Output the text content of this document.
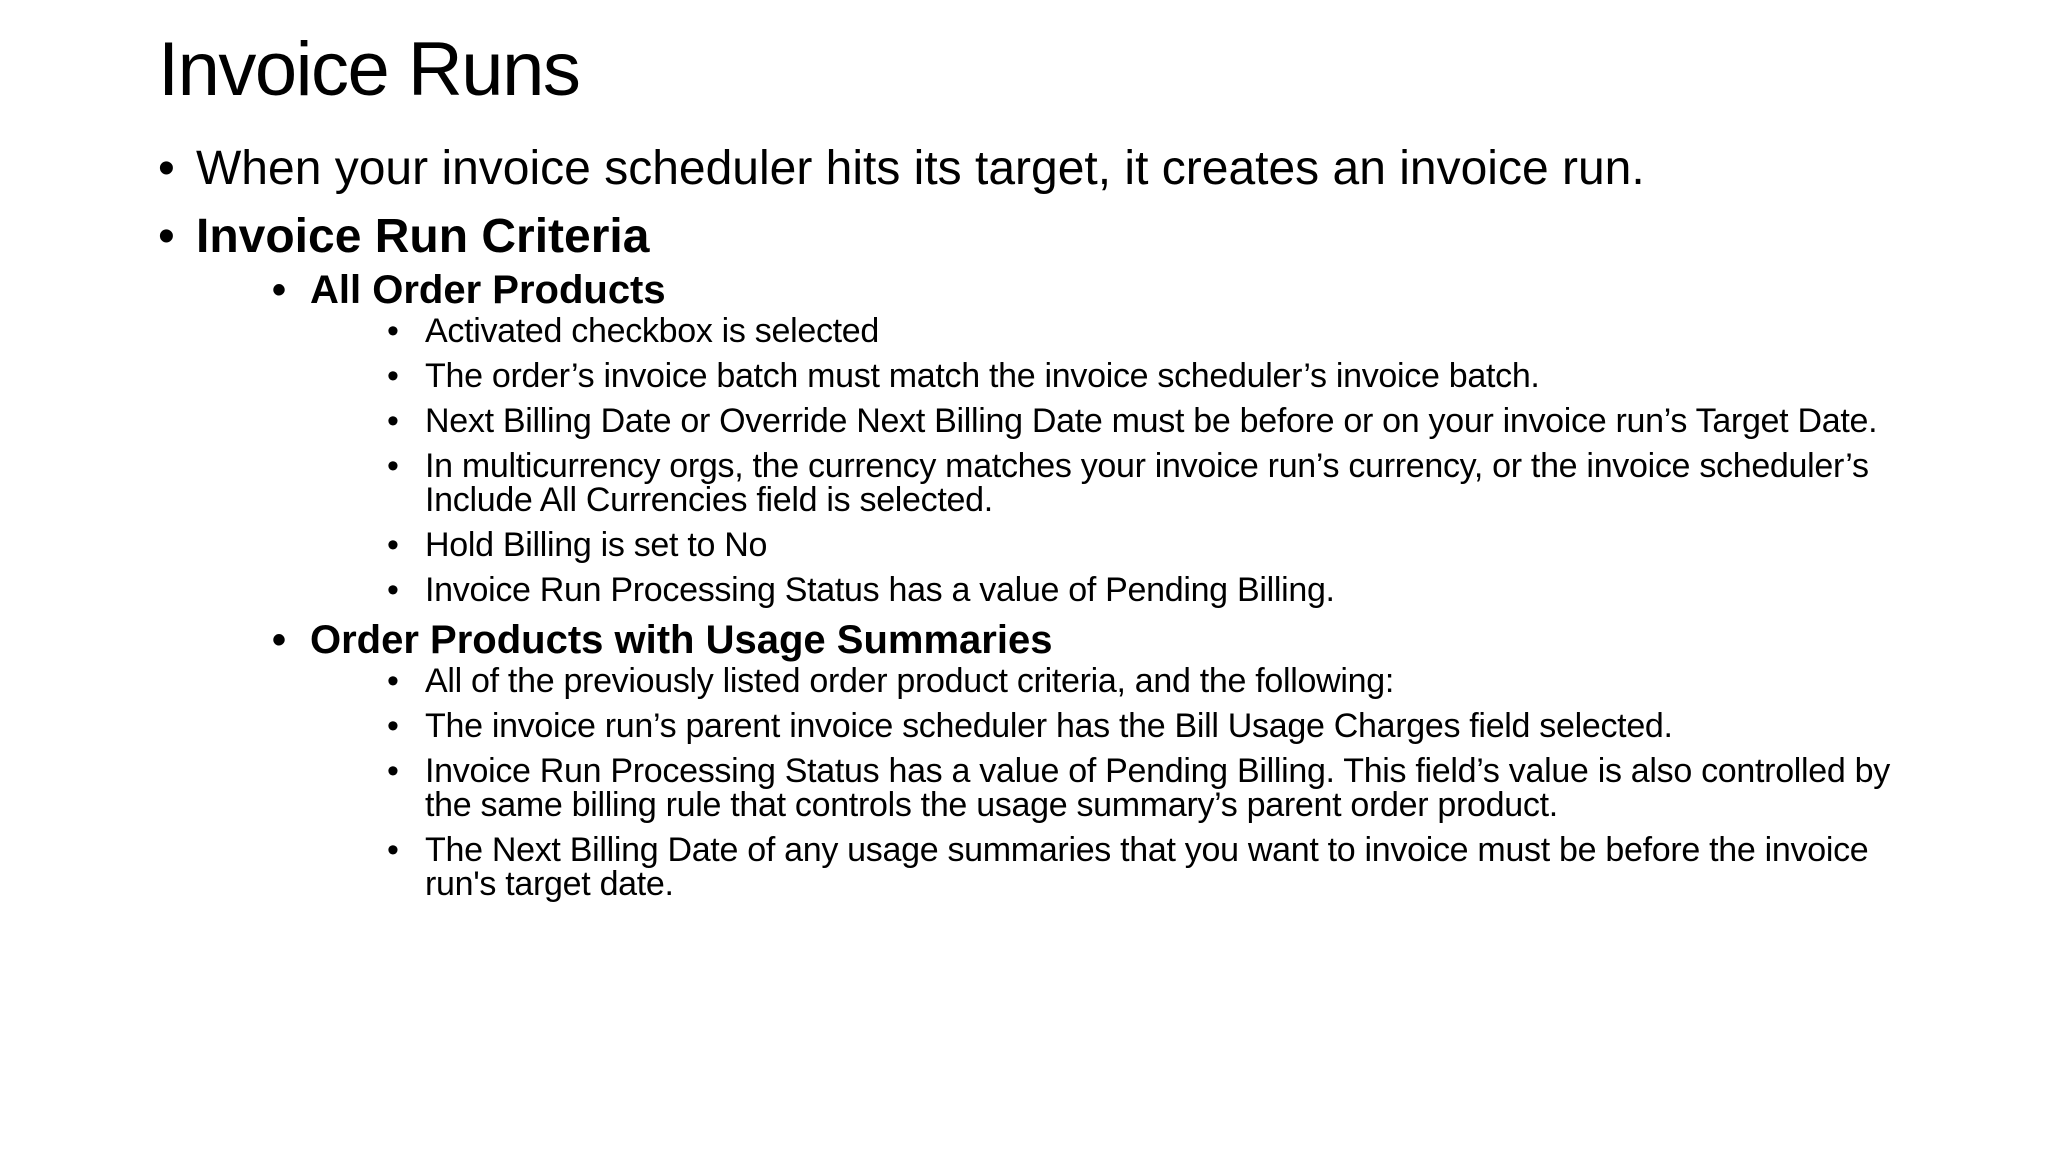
Invoice Runs
• When your invoice scheduler hits its target, it creates an invoice run.
• Invoice Run Criteria
• All Order Products
• Activated checkbox is selected
• The order’s invoice batch must match the invoice scheduler’s invoice batch.
• Next Billing Date or Override Next Billing Date must be before or on your invoice run’s Target Date.
• In multicurrency orgs, the currency matches your invoice run’s currency, or the invoice scheduler’s Include All Currencies field is selected.
• Hold Billing is set to No
• Invoice Run Processing Status has a value of Pending Billing.
• Order Products with Usage Summaries
• All of the previously listed order product criteria, and the following:
• The invoice run’s parent invoice scheduler has the Bill Usage Charges field selected.
• Invoice Run Processing Status has a value of Pending Billing. This field’s value is also controlled by the same billing rule that controls the usage summary’s parent order product.
• The Next Billing Date of any usage summaries that you want to invoice must be before the invoice run's target date.
